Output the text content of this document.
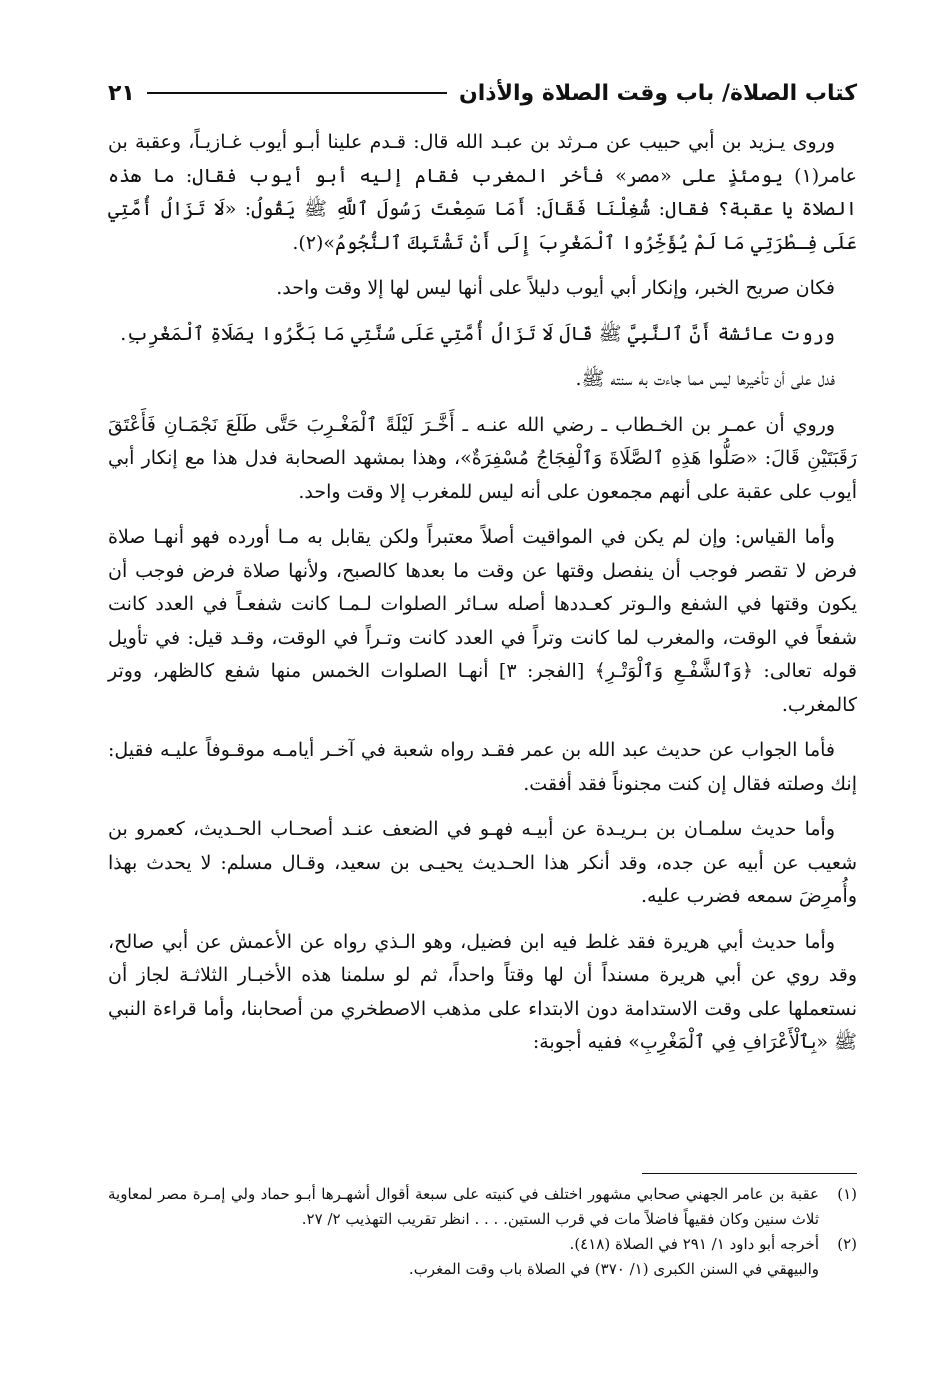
كتاب الصلاة/ باب وقت الصلاة والأذان
٢١

وروى يـزيد بن أبي حبيب عن مـرثد بن عبـد الله قال: قـدم علينا أبـو أيوب غـازيـاً، وعقبة بن عامر(١) يومئذٍ على «مصر» فأخر المغرب فقام إليه أبو أيوب فقال: ما هذه الصلاة يا عقبة؟ فقال: شُغِلْنَا فَقَالَ: أَمَا سَمِعْتَ رَسُولَ ٱللَّهِ ﷺ يَقُولُ: «لَا تَزَالُ أُمَّتِي عَلَى فِـطْرَتِي مَا لَمْ يُؤَخِّرُوا ٱلْمَغْرِبَ إِلَى أَنْ تَشْتَبِكَ ٱلنُّجُومُ»(٢).

فكان صريح الخبر، وإنكار أبي أيوب دليلاً على أنها ليس لها إلا وقت واحد.

وروت عائشة أَنَّ ٱلنَّبِيَّ ﷺ قَالَ لَا تَزَالُ أُمَّتِي عَلَى سُنَّتِي مَا بَكَّرُوا بِصَلَاةِ ٱلْمَغْرِبِ.

فدل على أن تأخيرها ليس مما جاءت به سنته ﷺ.

وروي أن عمـر بن الخـطاب ـ رضي الله عنـه ـ أَخَّـرَ لَيْلَةً ٱلْمَغْـرِبَ حَتَّى طَلَعَ نَجْمَـانِ فَأَعْتَقَ رَقَبَتَيْنِ قَالَ: «صَلُّوا هَذِهِ ٱلصَّلَاةَ وَٱلْفِجَاجُ مُسْفِرَةٌ»، وهذا بمشهد الصحابة فدل هذا مع إنكار أبي أيوب على عقبة على أنهم مجمعون على أنه ليس للمغرب إلا وقت واحد.

وأما القياس: وإن لم يكن في المواقيت أصلاً معتبراً ولكن يقابل به مـا أورده فهو أنهـا صلاة فرض لا تقصر فوجب أن ينفصل وقتها عن وقت ما بعدها كالصبح، ولأنها صلاة فرض فوجب أن يكون وقتها في الشفع والـوتر كعـددها أصله سـائر الصلوات لـمـا كانت شفعـاً في العدد كانت شفعاً في الوقت، والمغرب لما كانت وتراً في العدد كانت وتـراً في الوقت، وقـد قيل: في تأويل قوله تعالى: ﴿وَٱلشَّفْـعِ وَٱلْوَتْـرِ﴾ [الفجر: ٣] أنهـا الصلوات الخمس منها شفع كالظهر، ووتر كالمغرب.

فأما الجواب عن حديث عبد الله بن عمر فقـد رواه شعبة في آخـر أيامـه موقـوفاً عليـه فقيل: إنك وصلته فقال إن كنت مجنوناً فقد أفقت.

وأما حديث سلمـان بن بـريـدة عن أبيـه فهـو في الضعف عنـد أصحـاب الحـديث، كعمرو بن شعيب عن أبيه عن جده، وقد أنكر هذا الحـديث يحيـى بن سعيد، وقـال مسلم: لا يحدث بهذا وأُمرِضَ سمعه فضرب عليه.

وأما حديث أبي هريرة فقد غلط فيه ابن فضيل، وهو الـذي رواه عن الأعمش عن أبي صالح، وقد روي عن أبي هريرة مسنداً أن لها وقتاً واحداً، ثم لو سلمنا هذه الأخبـار الثلاثـة لجاز أن نستعملها على وقت الاستدامة دون الابتداء على مذهب الاصطخري من أصحابنا، وأما قراءة النبي ﷺ «بِٱلْأَعْرَافِ فِي ٱلْمَغْرِبِ» ففيه أجوبة:

(١)
عقبة بن عامر الجهني صحابي مشهور اختلف في كنيته على سبعة أقوال أشهـرها أبـو حماد ولي إمـرة مصر لمعاوية ثلاث سنين وكان فقيهاً فاضلاً مات في قرب الستين. . . . انظر تقريب التهذيب ٢/ ٢٧.
(٢)
أخرجه أبو داود ١/ ٢٩١ في الصلاة (٤١٨).
والبيهقي في السنن الكبرى (١/ ٣٧٠) في الصلاة باب وقت المغرب.
